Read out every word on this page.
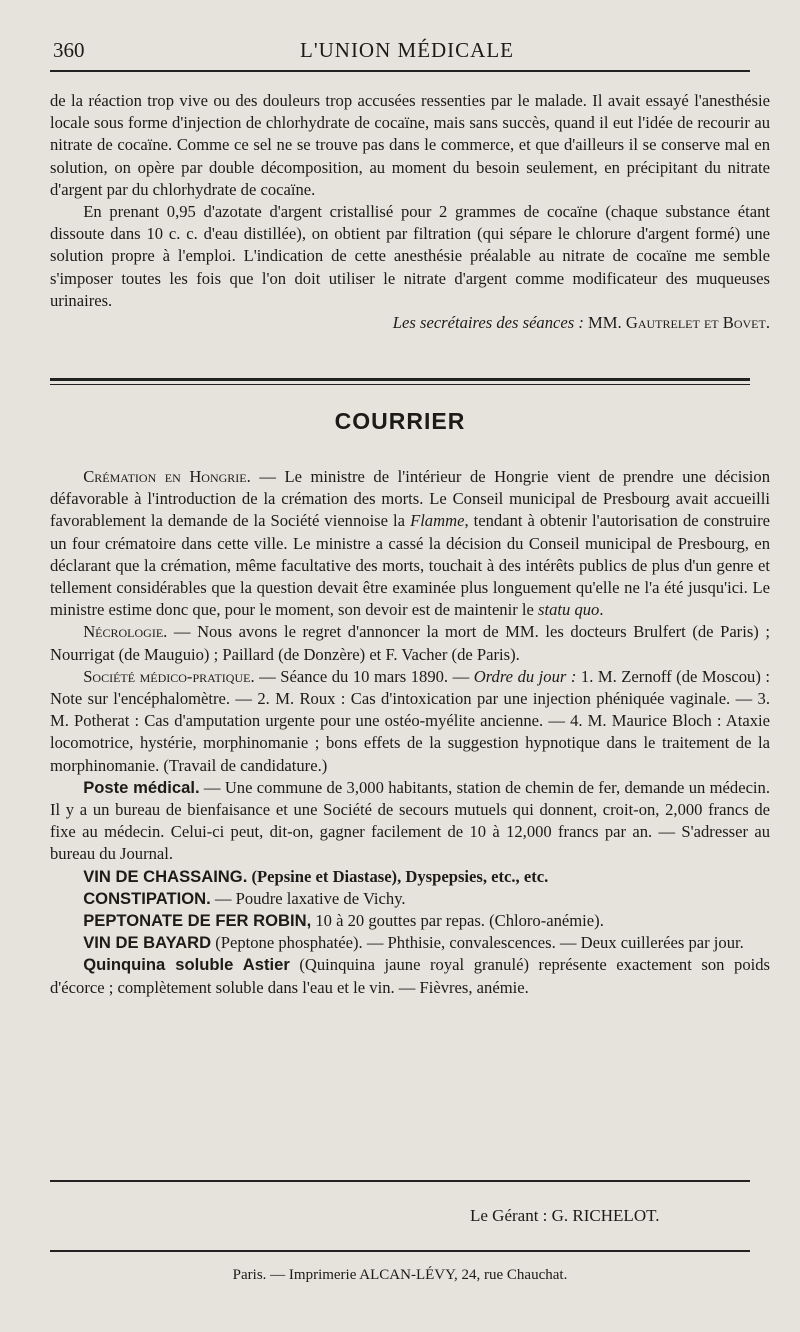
360	L'UNION MÉDICALE

de la réaction trop vive ou des douleurs trop accusées ressenties par le malade. Il avait essayé l'anesthésie locale sous forme d'injection de chlorhydrate de cocaïne, mais sans succès, quand il eut l'idée de recourir au nitrate de cocaïne. Comme ce sel ne se trouve pas dans le commerce, et que d'ailleurs il se conserve mal en solution, on opère par double décomposition, au moment du besoin seulement, en précipitant du nitrate d'argent par du chlorhydrate de cocaïne.

En prenant 0,95 d'azotate d'argent cristallisé pour 2 grammes de cocaïne (chaque substance étant dissoute dans 10 c. c. d'eau distillée), on obtient par filtration (qui sépare le chlorure d'argent formé) une solution propre à l'emploi. L'indication de cette anesthésie préalable au nitrate de cocaïne me semble s'imposer toutes les fois que l'on doit utiliser le nitrate d'argent comme modificateur des muqueuses urinaires.

Les secrétaires des séances : MM. Gautrelet et Bovet.

COURRIER

Crémation en Hongrie. — Le ministre de l'intérieur de Hongrie vient de prendre une décision défavorable à l'introduction de la crémation des morts. Le Conseil municipal de Presbourg avait accueilli favorablement la demande de la Société viennoise la Flamme, tendant à obtenir l'autorisation de construire un four crématoire dans cette ville. Le ministre a cassé la décision du Conseil municipal de Presbourg, en déclarant que la crémation, même facultative des morts, touchait à des intérêts publics de plus d'un genre et tellement considérables que la question devait être examinée plus longuement qu'elle ne l'a été jusqu'ici. Le ministre estime donc que, pour le moment, son devoir est de maintenir le statu quo.

Nécrologie. — Nous avons le regret d'annoncer la mort de MM. les docteurs Brulfert (de Paris) ; Nourrigat (de Mauguio) ; Paillard (de Donzère) et F. Vacher (de Paris).

Société médico-pratique. — Séance du 10 mars 1890. — Ordre du jour : 1. M. Zernoff (de Moscou) : Note sur l'encéphalomètre. — 2. M. Roux : Cas d'intoxication par une injection phéniquée vaginale. — 3. M. Potherat : Cas d'amputation urgente pour une ostéo-myélite ancienne. — 4. M. Maurice Bloch : Ataxie locomotrice, hystérie, morphinomanie ; bons effets de la suggestion hypnotique dans le traitement de la morphinomanie. (Travail de candidature.)

Poste médical. — Une commune de 3,000 habitants, station de chemin de fer, demande un médecin. Il y a un bureau de bienfaisance et une Société de secours mutuels qui donnent, croit-on, 2,000 francs de fixe au médecin. Celui-ci peut, dit-on, gagner facilement de 10 à 12,000 francs par an. — S'adresser au bureau du Journal.

VIN DE CHASSAING. (Pepsine et Diastase), Dyspepsies, etc., etc.

CONSTIPATION. — Poudre laxative de Vichy.

PEPTONATE DE FER ROBIN, 10 à 20 gouttes par repas. (Chloro-anémie).

VIN DE BAYARD (Peptone phosphatée). — Phthisie, convalescences. — Deux cuillerées par jour.

Quinquina soluble Astier (Quinquina jaune royal granulé) représente exactement son poids d'écorce ; complètement soluble dans l'eau et le vin. — Fièvres, anémie.

Le Gérant : G. RICHELOT.
Paris. — Imprimerie ALCAN-LÉVY, 24, rue Chauchat.
